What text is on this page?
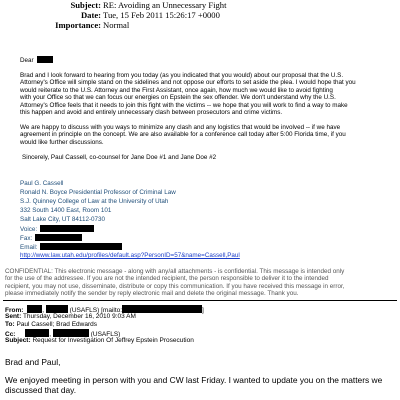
Subject: RE: Avoiding an Unnecessary Fight
Date: Tue, 15 Feb 2011 15:26:17 +0000
Importance: Normal
Dear
Brad and I look forward to hearing from you today (as you indicated that you would) about our proposal that the U.S.
Attorney's Office will simple stand on the sidelines and not oppose our efforts to set aside the plea. I would hope that you
would reiterate to the U.S. Attorney and the First Assistant, once again, how much we would like to avoid fighting
with your Office so that we can focus our energies on Epstein the sex offender. We don't understand why the U.S.
Attorney's Office feels that it needs to join this fight with the victims -- we hope that you will work to find a way to make
this happen and avoid and entirely unnecessary clash between prosecutors and crime victims.
We are happy to discuss with you ways to minimize any clash and any logistics that would be involved -- if we have
agreement in principle on the concept. We are also available for a conference call today after 5:00 Florida time, if you
would like further discussions.
Sincerely, Paul Cassell, co-counsel for Jane Doe #1 and Jane Doe #2
Paul G. Cassell
Ronald N. Boyce Presidential Professor of Criminal Law
S.J. Quinney College of Law at the University of Utah
332 South 1400 East, Room 101
Salt Lake City, UT 84112-0730
Voice:
Fax:
Email:
http://www.law.utah.edu/profiles/default.asp?PersonID=57&name=Cassell,Paul
CONFIDENTIAL: This electronic message - along with any/all attachments - is confidential. This message is intended only
for the use of the addressee. If you are not the intended recipient, the person responsible to deliver it to the intended
recipient, you may not use, disseminate, distribute or copy this communication. If you have received this message in error,
please immediately notify the sender by reply electronic mail and delete the original message. Thank you.
From:	,	(USAFLS) [mailto:	]
Sent: Thursday, December 16, 2010 9:03 AM
To: Paul Cassell; Brad Edwards
Cc:	,	(USAFLS)
Subject: Request for Investigation Of Jeffrey Epstein Prosecution
Brad and Paul,
We enjoyed meeting in person with you and CW last Friday. I wanted to update you on the matters we
discussed that day.
